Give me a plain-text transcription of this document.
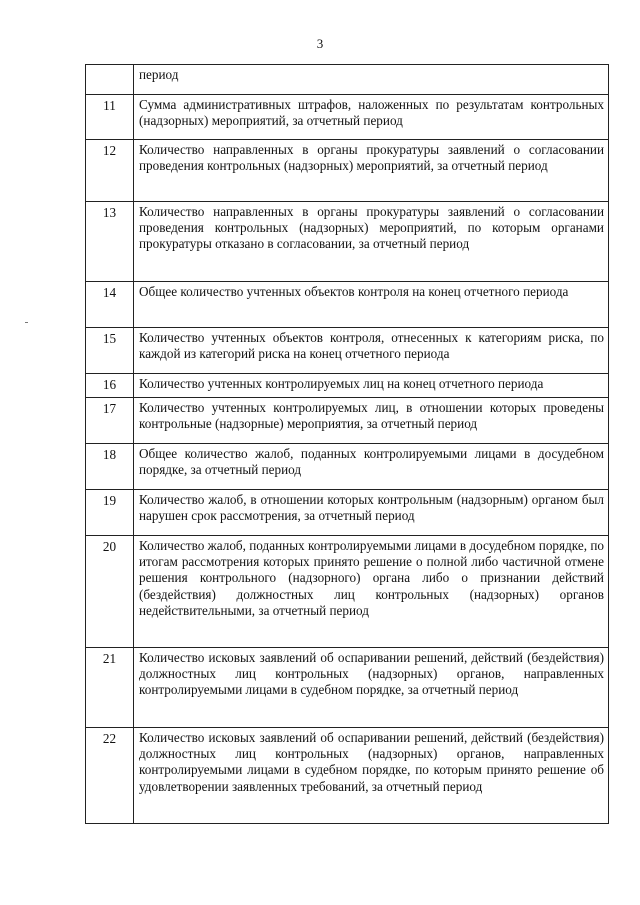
3
	период
11	Сумма административных штрафов, наложенных по результатам контрольных (надзорных) мероприятий, за отчетный период
12	Количество направленных в органы прокуратуры заявлений о согласовании проведения контрольных (надзорных) мероприятий, за отчетный период
13	Количество направленных в органы прокуратуры заявлений о согласовании проведения контрольных (надзорных) мероприятий, по которым органами прокуратуры отказано в согласовании, за отчетный период
14	Общее количество учтенных объектов контроля на конец отчетного периода
15	Количество учтенных объектов контроля, отнесенных к категориям риска, по каждой из категорий риска на конец отчетного периода
16	Количество учтенных контролируемых лиц на конец отчетного периода
17	Количество учтенных контролируемых лиц, в отношении которых проведены контрольные (надзорные) мероприятия, за отчетный период
18	Общее количество жалоб, поданных контролируемыми лицами в досудебном порядке, за отчетный период
19	Количество жалоб, в отношении которых контрольным (надзорным) органом был нарушен срок рассмотрения, за отчетный период
20	Количество жалоб, поданных контролируемыми лицами в досудебном порядке, по итогам рассмотрения которых принято решение о полной либо частичной отмене решения контрольного (надзорного) органа либо о признании действий (бездействия) должностных лиц контрольных (надзорных) органов недействительными, за отчетный период
21	Количество исковых заявлений об оспаривании решений, действий (бездействия) должностных лиц контрольных (надзорных) органов, направленных контролируемыми лицами в судебном порядке, за отчетный период
22	Количество исковых заявлений об оспаривании решений, действий (бездействия) должностных лиц контрольных (надзорных) органов, направленных контролируемыми лицами в судебном порядке, по которым принято решение об удовлетворении заявленных требований, за отчетный период
